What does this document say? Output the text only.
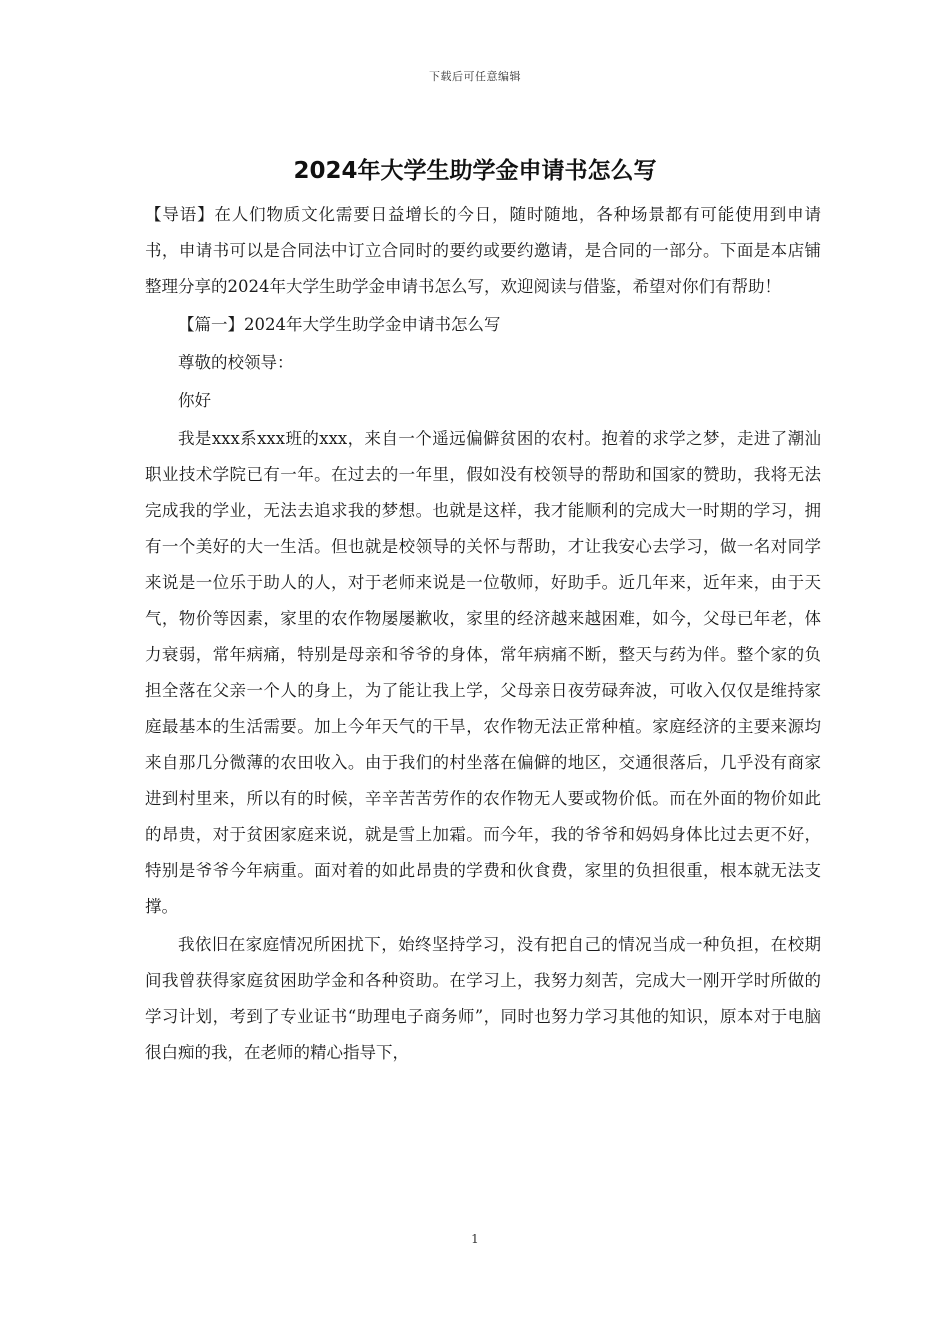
下载后可任意编辑
2024年大学生助学金申请书怎么写

【导语】在人们物质文化需要日益增长的今日，随时随地，各种场景都有可能使用到申请书，申请书可以是合同法中订立合同时的要约或要约邀请，是合同的一部分。下面是本店铺整理分享的2024年大学生助学金申请书怎么写，欢迎阅读与借鉴，希望对你们有帮助！

【篇一】2024年大学生助学金申请书怎么写

尊敬的校领导：

你好

我是xxx系xxx班的xxx，来自一个遥远偏僻贫困的农村。抱着的求学之梦，走进了潮汕职业技术学院已有一年。在过去的一年里，假如没有校领导的帮助和国家的赞助，我将无法完成我的学业，无法去追求我的梦想。也就是这样，我才能顺利的完成大一时期的学习，拥有一个美好的大一生活。但也就是校领导的关怀与帮助，才让我安心去学习，做一名对同学来说是一位乐于助人的人，对于老师来说是一位敬师，好助手。近几年来，近年来，由于天气，物价等因素，家里的农作物屡屡歉收，家里的经济越来越困难，如今，父母已年老，体力衰弱，常年病痛，特别是母亲和爷爷的身体，常年病痛不断，整天与药为伴。整个家的负担全落在父亲一个人的身上，为了能让我上学，父母亲日夜劳碌奔波，可收入仅仅是维持家庭最基本的生活需要。加上今年天气的干旱，农作物无法正常种植。家庭经济的主要来源均来自那几分微薄的农田收入。由于我们的村坐落在偏僻的地区，交通很落后，几乎没有商家进到村里来，所以有的时候，辛辛苦苦劳作的农作物无人要或物价低。而在外面的物价如此的昂贵，对于贫困家庭来说，就是雪上加霜。而今年，我的爷爷和妈妈身体比过去更不好，特别是爷爷今年病重。面对着的如此昂贵的学费和伙食费，家里的负担很重，根本就无法支撑。

我依旧在家庭情况所困扰下，始终坚持学习，没有把自己的情况当成一种负担，在校期间我曾获得家庭贫困助学金和各种资助。在学习上，我努力刻苦，完成大一刚开学时所做的学习计划，考到了专业证书“助理电子商务师”，同时也努力学习其他的知识，原本对于电脑很白痴的我，在老师的精心指导下，

1
